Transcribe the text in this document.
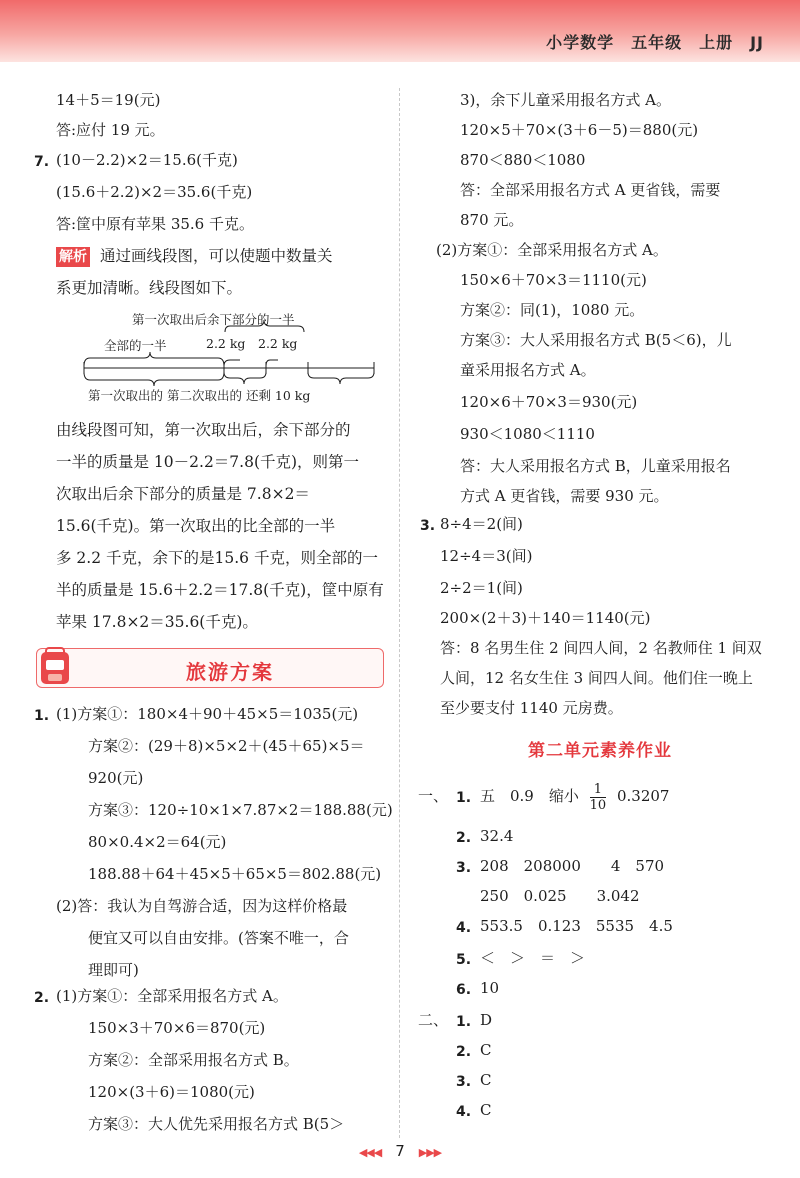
小学数学　五年级　上册　JJ
14＋5＝19(元)
答:应付 19 元。
7. (10－2.2)×2＝15.6(千克)
(15.6＋2.2)×2＝35.6(千克)
答:筐中原有苹果 35.6 千克。
解析 通过画线段图，可以使题中数量关
系更加清晰。线段图如下。
第一次取出后余下部分的一半
全部的一半	2.2 kg 2.2 kg
第一次取出的 第二次取出的 还剩 10 kg
由线段图可知，第一次取出后，余下部分的
一半的质量是 10－2.2＝7.8(千克)，则第一
次取出后余下部分的质量是 7.8×2＝
15.6(千克)。第一次取出的比全部的一半
多 2.2 千克，余下的是15.6 千克，则全部的一
半的质量是 15.6＋2.2＝17.8(千克)，筐中原有
苹果 17.8×2＝35.6(千克)。
旅游方案
1. (1)方案①：180×4＋90＋45×5＝1035(元)
方案②：(29＋8)×5×2＋(45＋65)×5＝
920(元)
方案③：120÷10×1×7.87×2＝188.88(元)
80×0.4×2＝64(元)
188.88＋64＋45×5＋65×5＝802.88(元)
(2)答：我认为自驾游合适，因为这样价格最
便宜又可以自由安排。(答案不唯一，合
理即可)
2. (1)方案①：全部采用报名方式 A。
150×3＋70×6＝870(元)
方案②：全部采用报名方式 B。
120×(3＋6)＝1080(元)
方案③：大人优先采用报名方式 B(5＞
3)，余下儿童采用报名方式 A。
120×5＋70×(3＋6－5)＝880(元)
870＜880＜1080
答：全部采用报名方式 A 更省钱，需要
870 元。
(2)方案①：全部采用报名方式 A。
150×6＋70×3＝1110(元)
方案②：同(1)，1080 元。
方案③：大人采用报名方式 B(5＜6)，儿
童采用报名方式 A。
120×6＋70×3＝930(元)
930＜1080＜1110
答：大人采用报名方式 B，儿童采用报名
方式 A 更省钱，需要 930 元。
3. 8÷4＝2(间)
12÷4＝3(间)
2÷2＝1(间)
200×(2＋3)＋140＝1140(元)
答：8 名男生住 2 间四人间，2 名教师住 1 间双
人间，12 名女生住 3 间四人间。他们住一晚上
至少要支付 1140 元房费。
第二单元素养作业
一、 1. 五　0.9　缩小 $\frac{1}{10} 0.3207$
2. 32.4
3. 208　208000　　4　570
250　0.025　　3.042
4. 553.5　0.123　5535　4.5
5. ＜　＞　＝　＞
6. 10
二、 1. D
2. C
3. C
4. C
◀◀◀ 7 ▶▶▶
